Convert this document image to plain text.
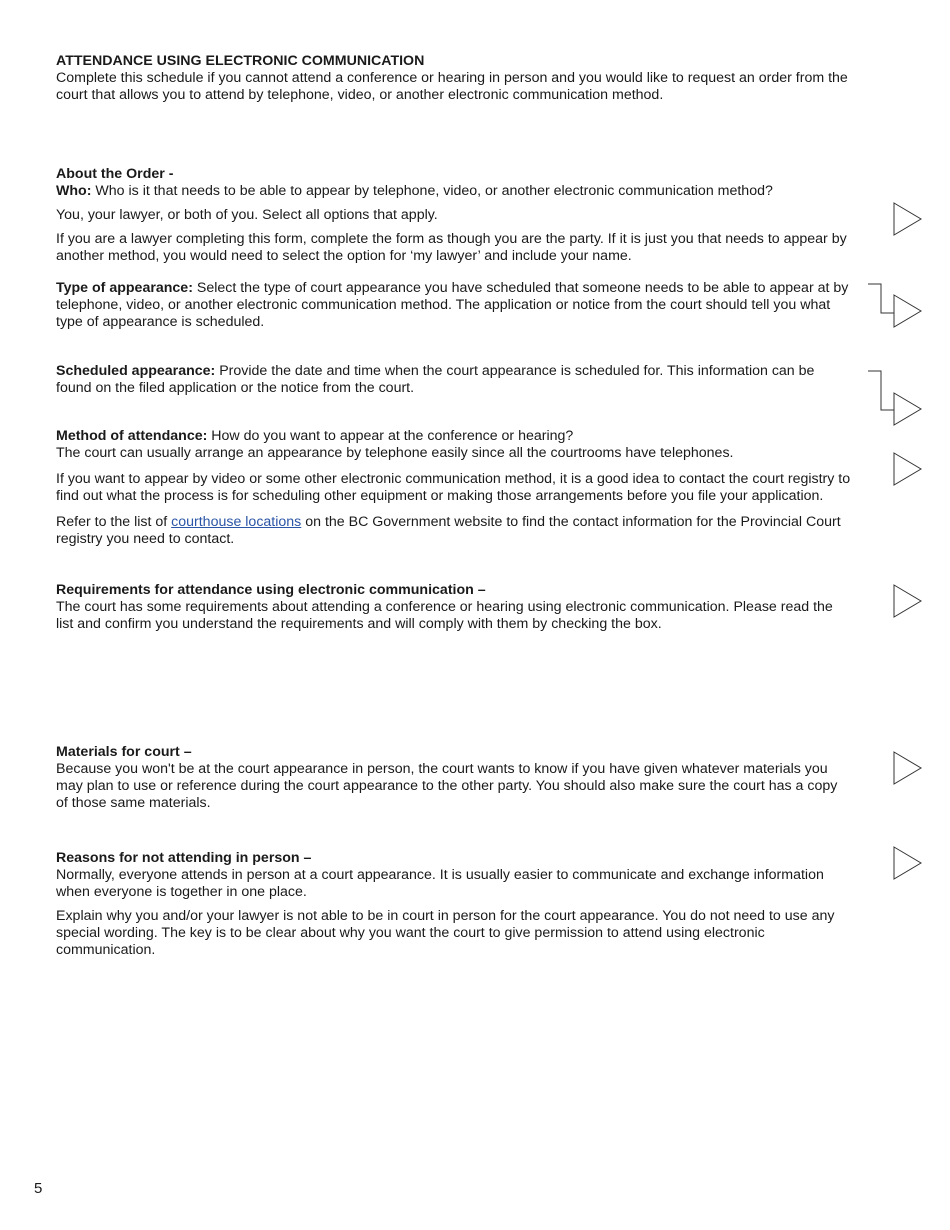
ATTENDANCE USING ELECTRONIC COMMUNICATION

Complete this schedule if you cannot attend a conference or hearing in person and you would like to request an order from the court that allows you to attend by telephone, video, or another electronic communication method.

About the Order -

Who: Who is it that needs to be able to appear by telephone, video, or another electronic communication method?

You, your lawyer, or both of you. Select all options that apply.

If you are a lawyer completing this form, complete the form as though you are the party. If it is just you that needs to appear by another method, you would need to select the option for ‘my lawyer’ and include your name.

Type of appearance: Select the type of court appearance you have scheduled that someone needs to be able to appear at by telephone, video, or another electronic communication method. The application or notice from the court should tell you what type of appearance is scheduled.

Scheduled appearance: Provide the date and time when the court appearance is scheduled for. This information can be found on the filed application or the notice from the court.

Method of attendance: How do you want to appear at the conference or hearing?

The court can usually arrange an appearance by telephone easily since all the courtrooms have telephones.

If you want to appear by video or some other electronic communication method, it is a good idea to contact the court registry to find out what the process is for scheduling other equipment or making those arrangements before you file your application.

Refer to the list of courthouse locations on the BC Government website to find the contact information for the Provincial Court registry you need to contact.

Requirements for attendance using electronic communication –

The court has some requirements about attending a conference or hearing using electronic communication. Please read the list and confirm you understand the requirements and will comply with them by checking the box.

Materials for court –

Because you won't be at the court appearance in person, the court wants to know if you have given whatever materials you may plan to use or reference during the court appearance to the other party. You should also make sure the court has a copy of those same materials.

Reasons for not attending in person –

Normally, everyone attends in person at a court appearance. It is usually easier to communicate and exchange information when everyone is together in one place.

Explain why you and/or your lawyer is not able to be in court in person for the court appearance. You do not need to use any special wording. The key is to be clear about why you want the court to give permission to attend using electronic communication.

5
